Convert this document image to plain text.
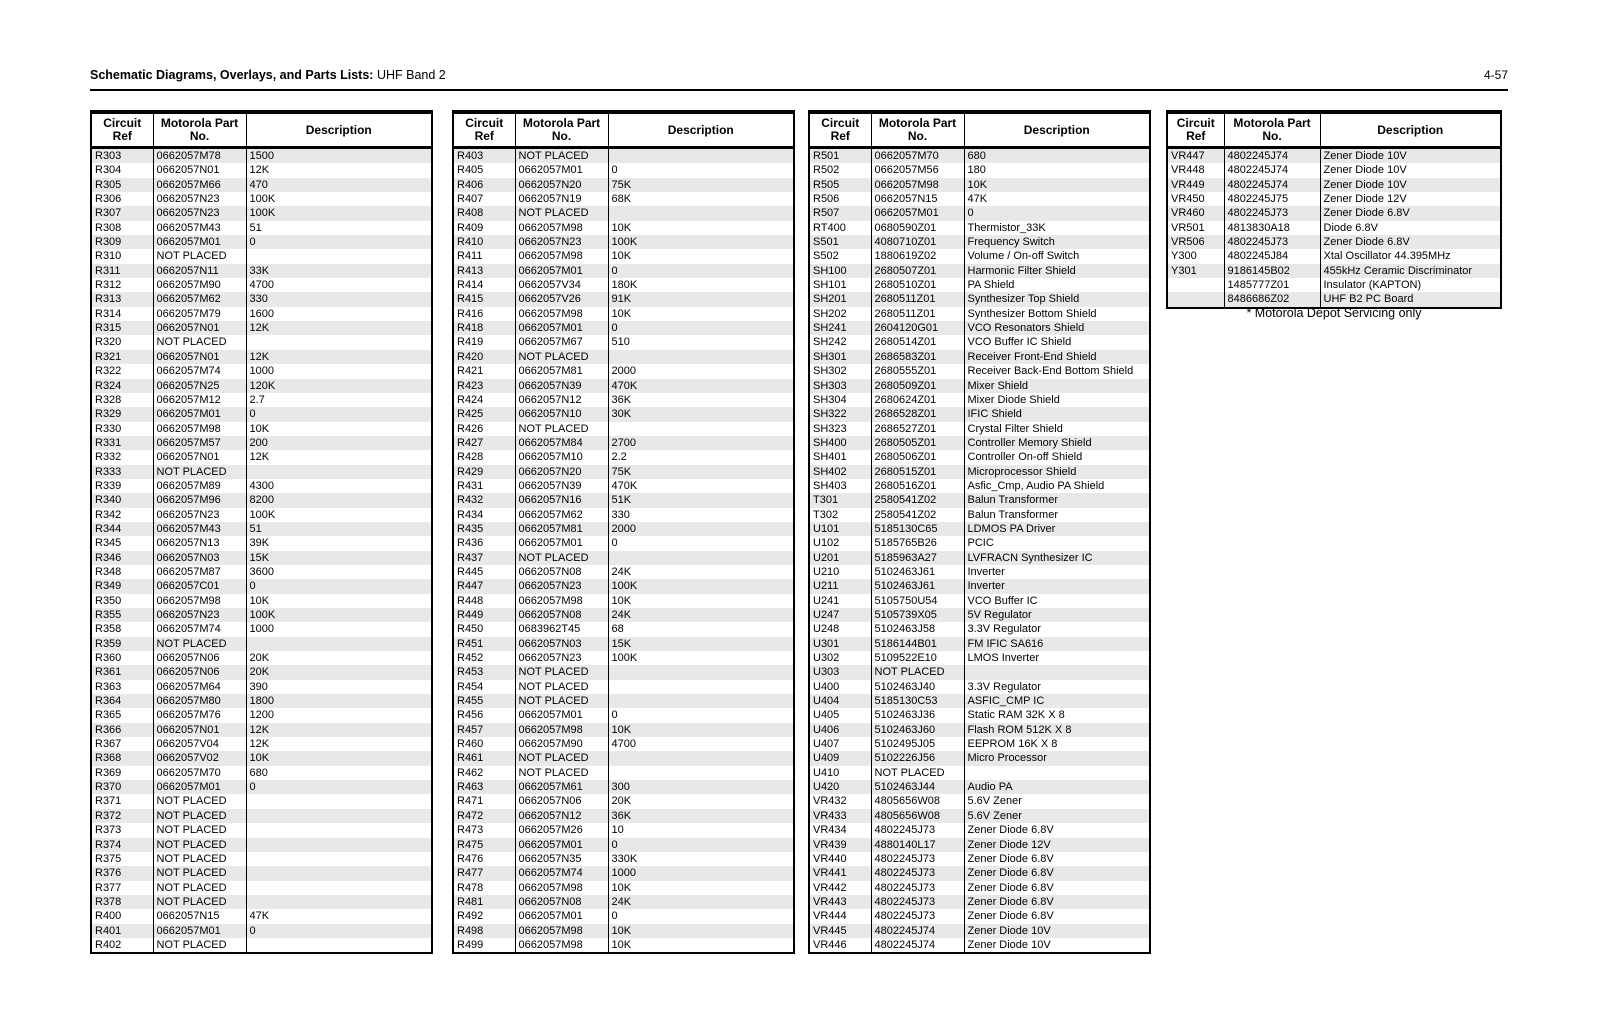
Schematic Diagrams, Overlays, and Parts Lists: UHF Band 2	4-57
Circuit Ref	Motorola Part No.	Description
R303	0662057M78	1500
R304	0662057N01	12K
R305	0662057M66	470
R306	0662057N23	100K
R307	0662057N23	100K
R308	0662057M43	51
R309	0662057M01	0
R310	NOT PLACED	
R311	0662057N11	33K
R312	0662057M90	4700
R313	0662057M62	330
R314	0662057M79	1600
R315	0662057N01	12K
R320	NOT PLACED	
R321	0662057N01	12K
R322	0662057M74	1000
R324	0662057N25	120K
R328	0662057M12	2.7
R329	0662057M01	0
R330	0662057M98	10K
R331	0662057M57	200
R332	0662057N01	12K
R333	NOT PLACED	
R339	0662057M89	4300
R340	0662057M96	8200
R342	0662057N23	100K
R344	0662057M43	51
R345	0662057N13	39K
R346	0662057N03	15K
R348	0662057M87	3600
R349	0662057C01	0
R350	0662057M98	10K
R355	0662057N23	100K
R358	0662057M74	1000
R359	NOT PLACED	
R360	0662057N06	20K
R361	0662057N06	20K
R363	0662057M64	390
R364	0662057M80	1800
R365	0662057M76	1200
R366	0662057N01	12K
R367	0662057V04	12K
R368	0662057V02	10K
R369	0662057M70	680
R370	0662057M01	0
R371	NOT PLACED	
R372	NOT PLACED	
R373	NOT PLACED	
R374	NOT PLACED	
R375	NOT PLACED	
R376	NOT PLACED	
R377	NOT PLACED	
R378	NOT PLACED	
R400	0662057N15	47K
R401	0662057M01	0
R402	NOT PLACED	
Circuit Ref	Motorola Part No.	Description
R403	NOT PLACED	
R405	0662057M01	0
R406	0662057N20	75K
R407	0662057N19	68K
R408	NOT PLACED	
R409	0662057M98	10K
R410	0662057N23	100K
R411	0662057M98	10K
R413	0662057M01	0
R414	0662057V34	180K
R415	0662057V26	91K
R416	0662057M98	10K
R418	0662057M01	0
R419	0662057M67	510
R420	NOT PLACED	
R421	0662057M81	2000
R423	0662057N39	470K
R424	0662057N12	36K
R425	0662057N10	30K
R426	NOT PLACED	
R427	0662057M84	2700
R428	0662057M10	2.2
R429	0662057N20	75K
R431	0662057N39	470K
R432	0662057N16	51K
R434	0662057M62	330
R435	0662057M81	2000
R436	0662057M01	0
R437	NOT PLACED	
R445	0662057N08	24K
R447	0662057N23	100K
R448	0662057M98	10K
R449	0662057N08	24K
R450	0683962T45	68
R451	0662057N03	15K
R452	0662057N23	100K
R453	NOT PLACED	
R454	NOT PLACED	
R455	NOT PLACED	
R456	0662057M01	0
R457	0662057M98	10K
R460	0662057M90	4700
R461	NOT PLACED	
R462	NOT PLACED	
R463	0662057M61	300
R471	0662057N06	20K
R472	0662057N12	36K
R473	0662057M26	10
R475	0662057M01	0
R476	0662057N35	330K
R477	0662057M74	1000
R478	0662057M98	10K
R481	0662057N08	24K
R492	0662057M01	0
R498	0662057M98	10K
R499	0662057M98	10K
Circuit Ref	Motorola Part No.	Description
R501	0662057M70	680
R502	0662057M56	180
R505	0662057M98	10K
R506	0662057N15	47K
R507	0662057M01	0
RT400	0680590Z01	Thermistor_33K
S501	4080710Z01	Frequency Switch
S502	1880619Z02	Volume / On-off Switch
SH100	2680507Z01	Harmonic Filter Shield
SH101	2680510Z01	PA Shield
SH201	2680511Z01	Synthesizer Top Shield
SH202	2680511Z01	Synthesizer Bottom Shield
SH241	2604120G01	VCO Resonators Shield
SH242	2680514Z01	VCO Buffer IC Shield
SH301	2686583Z01	Receiver Front-End Shield
SH302	2680555Z01	Receiver Back-End Bottom Shield
SH303	2680509Z01	Mixer Shield
SH304	2680624Z01	Mixer Diode Shield
SH322	2686528Z01	IFIC Shield
SH323	2686527Z01	Crystal Filter Shield
SH400	2680505Z01	Controller Memory Shield
SH401	2680506Z01	Controller On-off Shield
SH402	2680515Z01	Microprocessor Shield
SH403	2680516Z01	Asfic_Cmp, Audio PA Shield
T301	2580541Z02	Balun Transformer
T302	2580541Z02	Balun Transformer
U101	5185130C65	LDMOS PA Driver
U102	5185765B26	PCIC
U201	5185963A27	LVFRACN Synthesizer IC
U210	5102463J61	Inverter
U211	5102463J61	Inverter
U241	5105750U54	VCO Buffer IC
U247	5105739X05	5V Regulator
U248	5102463J58	3.3V Regulator
U301	5186144B01	FM IFIC SA616
U302	5109522E10	LMOS Inverter
U303	NOT PLACED	
U400	5102463J40	3.3V Regulator
U404	5185130C53	ASFIC_CMP IC
U405	5102463J36	Static RAM 32K X 8
U406	5102463J60	Flash ROM 512K X 8
U407	5102495J05	EEPROM 16K X 8
U409	5102226J56	Micro Processor
U410	NOT PLACED	
U420	5102463J44	Audio PA
VR432	4805656W08	5.6V Zener
VR433	4805656W08	5.6V Zener
VR434	4802245J73	Zener Diode 6.8V
VR439	4880140L17	Zener Diode 12V
VR440	4802245J73	Zener Diode 6.8V
VR441	4802245J73	Zener Diode 6.8V
VR442	4802245J73	Zener Diode 6.8V
VR443	4802245J73	Zener Diode 6.8V
VR444	4802245J73	Zener Diode 6.8V
VR445	4802245J74	Zener Diode 10V
VR446	4802245J74	Zener Diode 10V
Circuit Ref	Motorola Part No.	Description
VR447	4802245J74	Zener Diode 10V
VR448	4802245J74	Zener Diode 10V
VR449	4802245J74	Zener Diode 10V
VR450	4802245J75	Zener Diode 12V
VR460	4802245J73	Zener Diode 6.8V
VR501	4813830A18	Diode 6.8V
VR506	4802245J73	Zener Diode 6.8V
Y300	4802245J84	Xtal Oscillator 44.395MHz
Y301	9186145B02	455kHz Ceramic Discriminator
	1485777Z01	Insulator (KAPTON)
	8486686Z02	UHF B2 PC Board
* Motorola Depot Servicing only
